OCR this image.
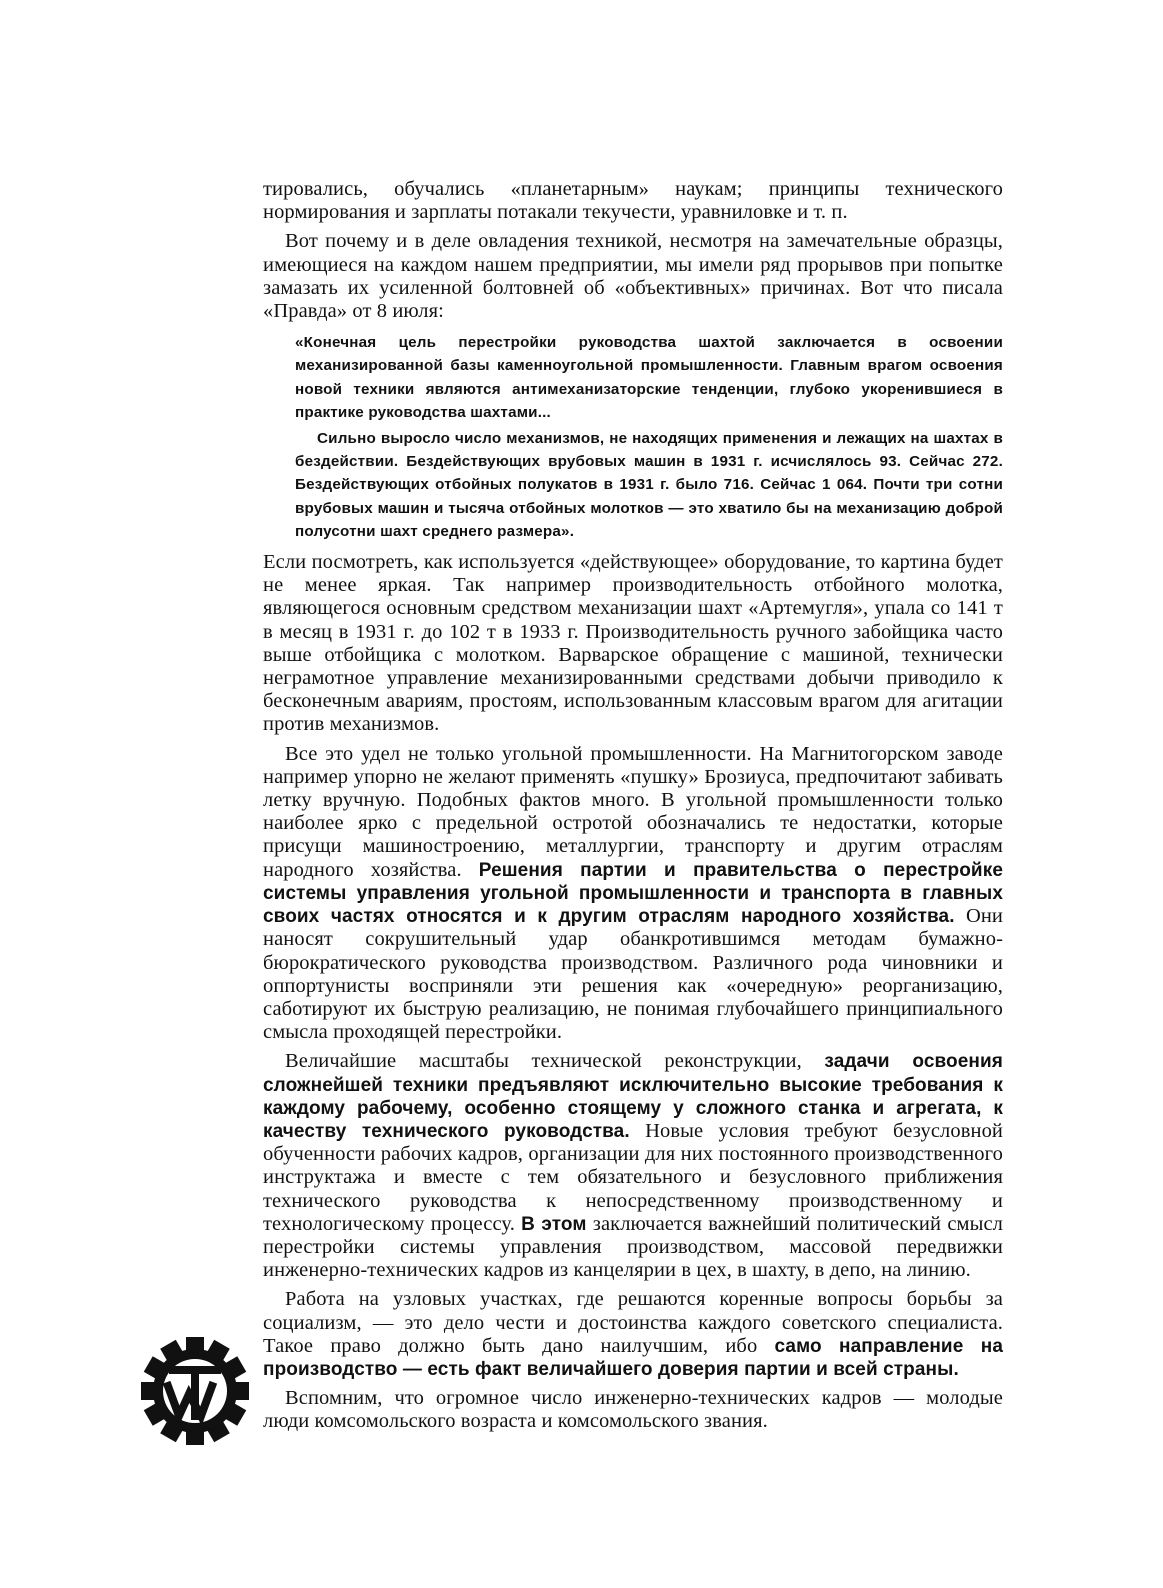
тировались, обучались «планетарным» наукам; принципы технического нормирования и зарплаты потакали текучести, уравниловке и т. п.

Вот почему и в деле овладения техникой, несмотря на замечательные образцы, имеющиеся на каждом нашем предприятии, мы имели ряд прорывов при попытке замазать их усиленной болтовней об «объективных» причинах. Вот что писала «Правда» от 8 июля:

«Конечная цель перестройки руководства шахтой заключается в освоении механизированной базы каменноугольной промышленности. Главным врагом освоения новой техники являются антимеханизаторские тенденции, глубоко укоренившиеся в практике руководства шахтами...

Сильно выросло число механизмов, не находящих применения и лежащих на шахтах в бездействии. Бездействующих врубовых машин в 1931 г. исчислялось 93. Сейчас 272. Бездействующих отбойных полукатов в 1931 г. было 716. Сейчас 1 064. Почти три сотни врубовых машин и тысяча отбойных молотков — это хватило бы на механизацию доброй полусотни шахт среднего размера».

Если посмотреть, как используется «действующее» оборудование, то картина будет не менее яркая. Так например производительность отбойного молотка, являющегося основным средством механизации шахт «Артемугля», упала со 141 т в месяц в 1931 г. до 102 т в 1933 г. Производительность ручного забойщика часто выше отбойщика с молотком. Варварское обращение с машиной, технически неграмотное управление механизированными средствами добычи приводило к бесконечным авариям, простоям, использованным классовым врагом для агитации против механизмов.

Все это удел не только угольной промышленности. На Магнитогорском заводе например упорно не желают применять «пушку» Брозиуса, предпочитают забивать летку вручную. Подобных фактов много. В угольной промышленности только наиболее ярко с предельной остротой обозначались те недостатки, которые присущи машиностроению, металлургии, транспорту и другим отраслям народного хозяйства. Решения партии и правительства о перестройке системы управления угольной промышленности и транспорта в главных своих частях относятся и к другим отраслям народного хозяйства. Они наносят сокрушительный удар обанкротившимся методам бумажно-бюрократического руководства производством. Различного рода чиновники и оппортунисты восприняли эти решения как «очередную» реорганизацию, саботируют их быструю реализацию, не понимая глубочайшего принципиального смысла проходящей перестройки.

Величайшие масштабы технической реконструкции, задачи освоения сложнейшей техники предъявляют исключительно высокие требования к каждому рабочему, особенно стоящему у сложного станка и агрегата, к качеству технического руководства. Новые условия требуют безусловной обученности рабочих кадров, организации для них постоянного производственного инструктажа и вместе с тем обязательного и безусловного приближения технического руководства к непосредственному производственному и технологическому процессу. В этом заключается важнейший политический смысл перестройки системы управления производством, массовой передвижки инженерно-технических кадров из канцелярии в цех, в шахту, в депо, на линию.

Работа на узловых участках, где решаются коренные вопросы борьбы за социализм, — это дело чести и достоинства каждого советского специалиста. Такое право должно быть дано наилучшим, ибо само направление на производство — есть факт величайшего доверия партии и всей страны.

Вспомним, что огромное число инженерно-технических кадров — молодые люди комсомольского возраста и комсомольского звания.
